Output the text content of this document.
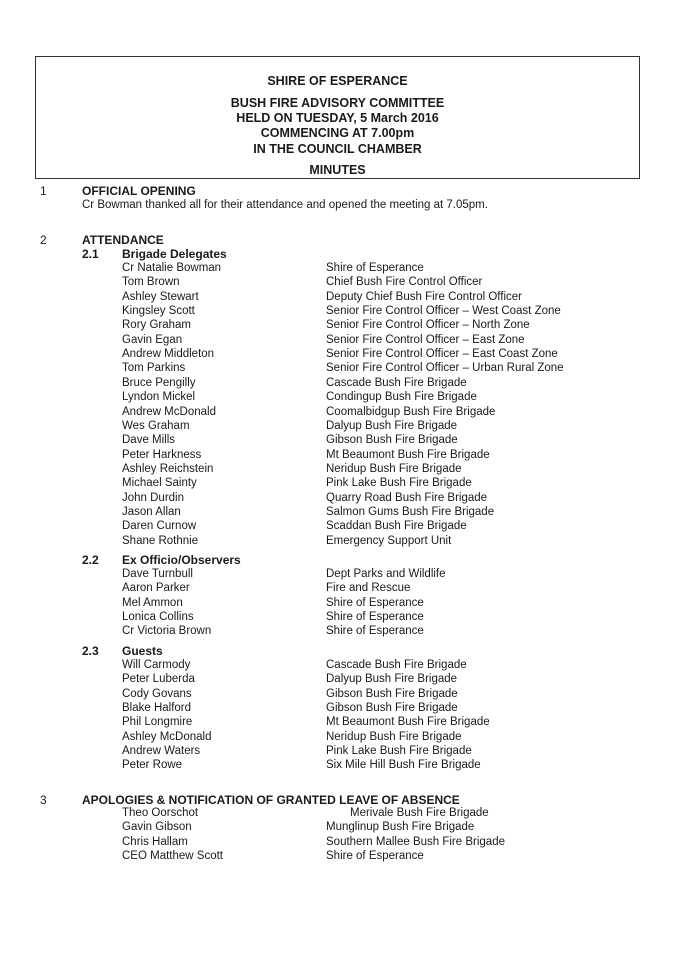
SHIRE OF ESPERANCE
BUSH FIRE ADVISORY COMMITTEE
HELD ON TUESDAY, 5 March 2016
COMMENCING AT 7.00pm
IN THE COUNCIL CHAMBER
MINUTES
1	OFFICIAL OPENING
Cr Bowman thanked all for their attendance and opened the meeting at 7.05pm.
2	ATTENDANCE
2.1 Brigade Delegates
2.2 Ex Officio/Observers
2.3 Guests
3	APOLOGIES & NOTIFICATION OF GRANTED LEAVE OF ABSENCE
Cr Natalie Bowman	Shire of Esperance
Tom Brown	Chief Bush Fire Control Officer
Ashley Stewart	Deputy Chief Bush Fire Control Officer
Kingsley Scott	Senior Fire Control Officer – West Coast Zone
Rory Graham	Senior Fire Control Officer – North Zone
Gavin Egan	Senior Fire Control Officer – East Zone
Andrew Middleton	Senior Fire Control Officer – East Coast Zone
Tom Parkins	Senior Fire Control Officer – Urban Rural Zone
Bruce Pengilly	Cascade Bush Fire Brigade
Lyndon Mickel	Condingup Bush Fire Brigade
Andrew McDonald	Coomalbidgup Bush Fire Brigade
Wes Graham	Dalyup Bush Fire Brigade
Dave Mills	Gibson Bush Fire Brigade
Peter Harkness	Mt Beaumont Bush Fire Brigade
Ashley Reichstein	Neridup Bush Fire Brigade
Michael Sainty	Pink Lake Bush Fire Brigade
John Durdin	Quarry Road Bush Fire Brigade
Jason Allan	Salmon Gums Bush Fire Brigade
Daren Curnow	Scaddan Bush Fire Brigade
Shane Rothnie	Emergency Support Unit
Dave Turnbull	Dept Parks and Wildlife
Aaron Parker	Fire and Rescue
Mel Ammon	Shire of Esperance
Lonica Collins	Shire of Esperance
Cr Victoria Brown	Shire of Esperance
Will Carmody	Cascade Bush Fire Brigade
Peter Luberda	Dalyup Bush Fire Brigade
Cody Govans	Gibson Bush Fire Brigade
Blake Halford	Gibson Bush Fire Brigade
Phil Longmire	Mt Beaumont Bush Fire Brigade
Ashley McDonald	Neridup Bush Fire Brigade
Andrew Waters	Pink Lake Bush Fire Brigade
Peter Rowe	Six Mile Hill Bush Fire Brigade
Theo Oorschot	Merivale Bush Fire Brigade
Gavin Gibson	Munglinup Bush Fire Brigade
Chris Hallam	Southern Mallee Bush Fire Brigade
CEO Matthew Scott	Shire of Esperance
